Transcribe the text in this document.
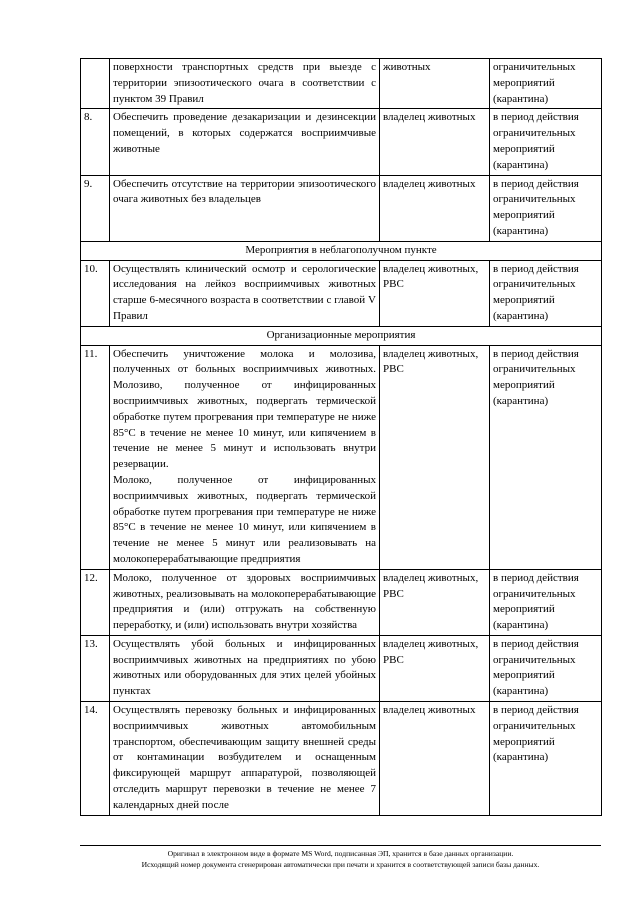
	поверхности транспортных средств при выезде с территории эпизоотического очага в соответствии с пунктом 39 Правил	животных	ограничительных мероприятий (карантина)
8.	Обеспечить проведение дезакаризации и дезинсекции помещений, в которых содержатся восприимчивые животные	владелец животных	в период действия ограничительных мероприятий (карантина)
9.	Обеспечить отсутствие на территории эпизоотического очага животных без владельцев	владелец животных	в период действия ограничительных мероприятий (карантина)
Мероприятия в неблагополучном пункте			
10.	Осуществлять клинический осмотр и серологические исследования на лейкоз восприимчивых животных старше 6-месячного возраста в соответствии с главой V Правил	владелец животных, РВС	в период действия ограничительных мероприятий (карантина)
Организационные мероприятия			
11.	Обеспечить уничтожение молока и молозива, полученных от больных восприимчивых животных. Молозиво, полученное от инфицированных восприимчивых животных, подвергать термической обработке путем прогревания при температуре не ниже 85°С в течение не менее 10 минут, или кипячением в течение не менее 5 минут и использовать внутри резервации.
Молоко, полученное от инфицированных восприимчивых животных, подвергать термической обработке путем прогревания при температуре не ниже 85°С в течение не менее 10 минут, или кипячением в течение не менее 5 минут или реализовывать на молокоперерабатывающие предприятия	владелец животных, РВС	в период действия ограничительных мероприятий (карантина)
12.	Молоко, полученное от здоровых восприимчивых животных, реализовывать на молокоперерабатывающие предприятия и (или) отгружать на собственную переработку, и (или) использовать внутри хозяйства	владелец животных, РВС	в период действия ограничительных мероприятий (карантина)
13.	Осуществлять убой больных и инфицированных восприимчивых животных на предприятиях по убою животных или оборудованных для этих целей убойных пунктах	владелец животных, РВС	в период действия ограничительных мероприятий (карантина)
14.	Осуществлять перевозку больных и инфицированных восприимчивых животных автомобильным транспортом, обеспечивающим защиту внешней среды от контаминации возбудителем и оснащенным фиксирующей маршрут аппаратурой, позволяющей отследить маршрут перевозки в течение не менее 7 календарных дней после	владелец животных	в период действия ограничительных мероприятий (карантина)
Оригинал в электронном виде в формате MS Word, подписанная ЭП, хранится в базе данных организации.
Исходящий номер документа сгенерирован автоматически при печати и хранится в соответствующей записи базы данных.
